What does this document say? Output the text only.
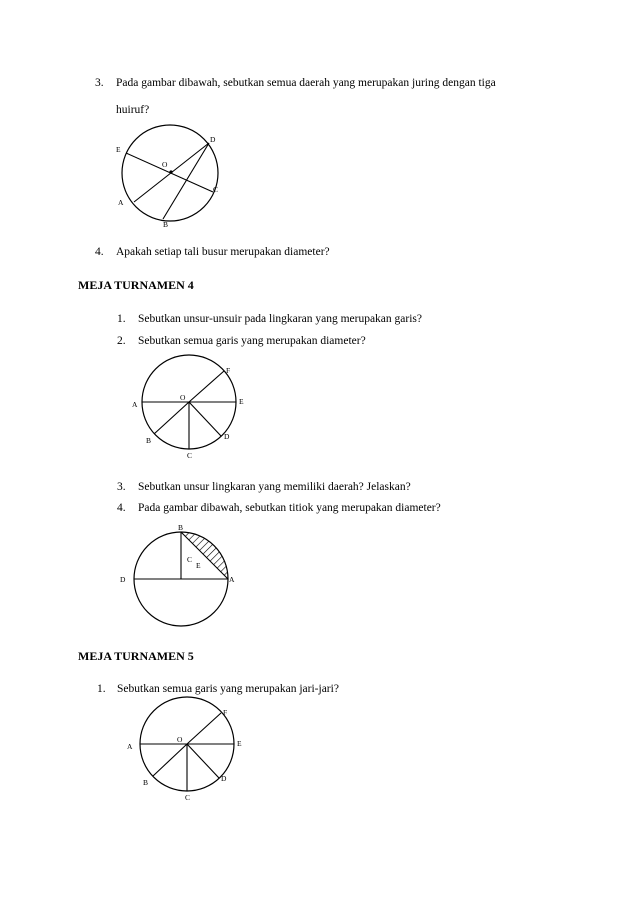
3. Pada gambar dibawah, sebutkan semua daerah yang merupakan juring dengan tiga
huiruf?
4. Apakah setiap tali busur merupakan diameter?
MEJA TURNAMEN 4
1. Sebutkan unsur-unsuir pada lingkaran yang merupakan garis?
2. Sebutkan semua garis yang merupakan diameter?
3. Sebutkan unsur lingkaran yang memiliki daerah? Jelaskan?
4. Pada gambar dibawah, sebutkan titiok yang merupakan diameter?
MEJA TURNAMEN 5
1. Sebutkan semua garis yang merupakan jari-jari?
D
E
O
C
A
B
F
A
O	E
D
B
C
B
C
E
D	A
F
A
O	E
D
B
C
